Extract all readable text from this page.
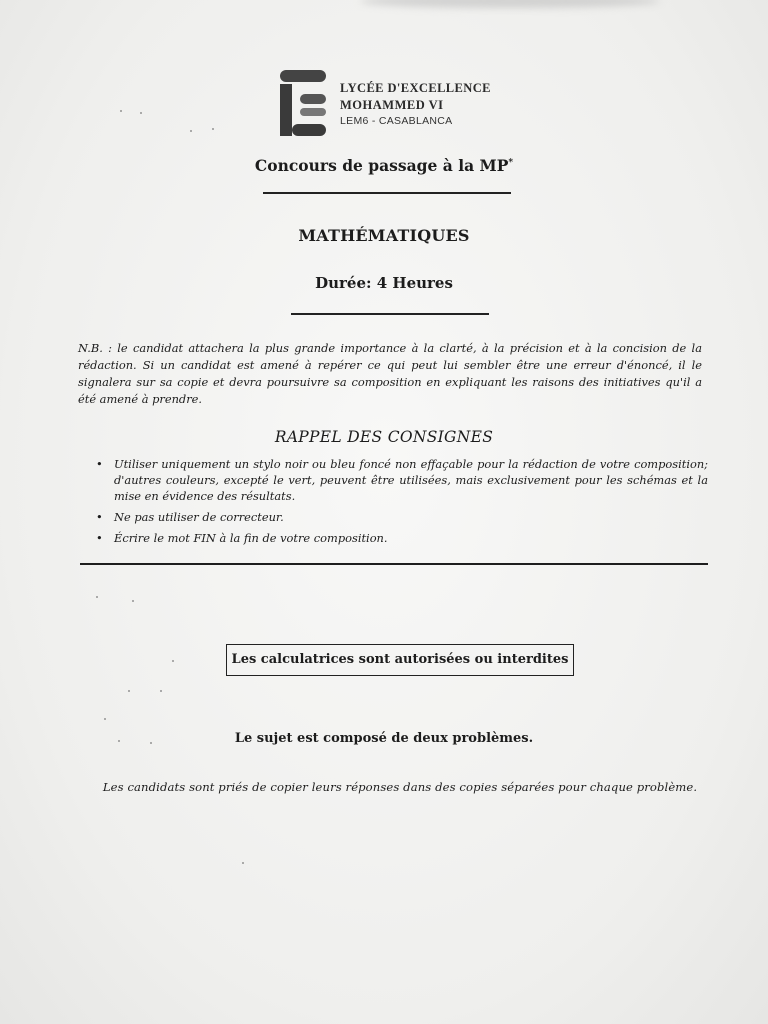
LYCÉE D'EXCELLENCE
MOHAMMED VI
LEM6 - CASABLANCA
Concours de passage à la MP*
MATHÉMATIQUES
Durée: 4 Heures
N.B. : le candidat attachera la plus grande importance à la clarté, à la précision et à la concision de la rédaction. Si un candidat est amené à repérer ce qui peut lui sembler être une erreur d'énoncé, il le signalera sur sa copie et devra poursuivre sa composition en expliquant les raisons des initiatives qu'il a été amené à prendre.
RAPPEL DES CONSIGNES
• Utiliser uniquement un stylo noir ou bleu foncé non effaçable pour la rédaction de votre composition; d'autres couleurs, excepté le vert, peuvent être utilisées, mais exclusivement pour les schémas et la mise en évidence des résultats.
• Ne pas utiliser de correcteur.
• Écrire le mot FIN à la fin de votre composition.
Les calculatrices sont autorisées ou interdites
Le sujet est composé de deux problèmes.
Les candidats sont priés de copier leurs réponses dans des copies séparées pour chaque problème.
